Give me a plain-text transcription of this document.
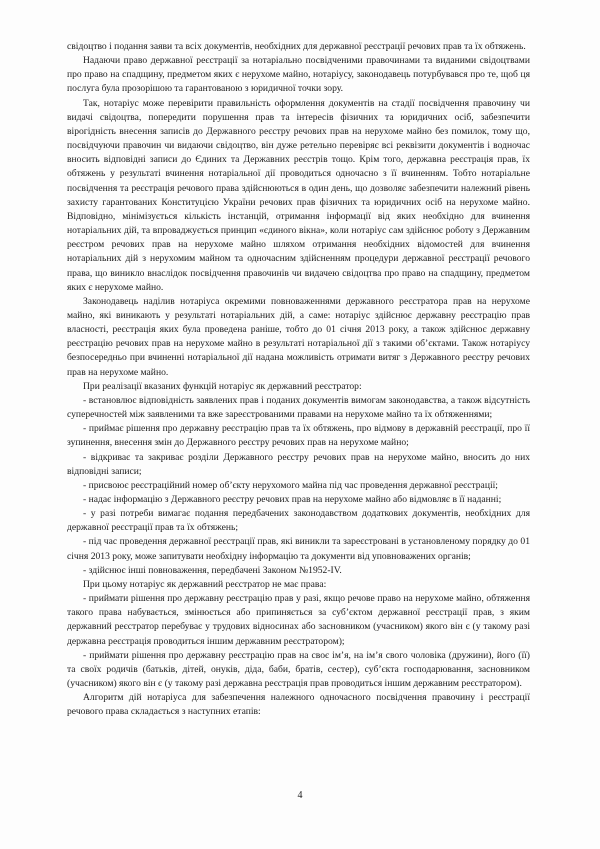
свідоцтво і подання заяви та всіх документів, необхідних для державної реєстрації речових прав та їх обтяжень.

Надаючи право державної реєстрації за нотаріально посвідченими правочинами та виданими свідоцтвами про право на спадщину, предметом яких є нерухоме майно, нотаріусу, законодавець потурбувався про те, щоб ця послуга була прозорішою та гарантованою з юридичної точки зору.

Так, нотаріус може перевірити правильність оформлення документів на стадії посвідчення правочину чи видачі свідоцтва, попередити порушення прав та інтересів фізичних та юридичних осіб, забезпечити вірогідність внесення записів до Державного реєстру речових прав на нерухоме майно без помилок, тому що, посвідчуючи правочин чи видаючи свідоцтво, він дуже ретельно перевіряє всі реквізити документів і водночас вносить відповідні записи до Єдиних та Державних реєстрів тощо. Крім того, державна реєстрація прав, їх обтяжень у результаті вчинення нотаріальної дії проводиться одночасно з її вчиненням. Тобто нотаріальне посвідчення та реєстрація речового права здійснюються в один день, що дозволяє забезпечити належний рівень захисту гарантованих Конституцією України речових прав фізичних та юридичних осіб на нерухоме майно. Відповідно, мінімізується кількість інстанцій, отримання інформації від яких необхідно для вчинення нотаріальних дій, та впроваджується принцип «єдиного вікна», коли нотаріус сам здійснює роботу з Державним реєстром речових прав на нерухоме майно шляхом отримання необхідних відомостей для вчинення нотаріальних дій з нерухомим майном та одночасним здійсненням процедури державної реєстрації речового права, що виникло внаслідок посвідчення правочинів чи видачею свідоцтва про право на спадщину, предметом яких є нерухоме майно.

Законодавець наділив нотаріуса окремими повноваженнями державного реєстратора прав на нерухоме майно, які виникають у результаті нотаріальних дій, а саме: нотаріус здійснює державну реєстрацію прав власності, реєстрація яких була проведена раніше, тобто до 01 січня 2013 року, а також здійснює державну реєстрацію речових прав на нерухоме майно в результаті нотаріальної дії з такими об’єктами. Також нотаріусу безпосередньо при вчиненні нотаріальної дії надана можливість отримати витяг з Державного реєстру речових прав на нерухоме майно.

При реалізації вказаних функцій нотаріус як державний реєстратор:

- встановлює відповідність заявлених прав і поданих документів вимогам законодавства, а також відсутність суперечностей між заявленими та вже зареєстрованими правами на нерухоме майно та їх обтяженнями;

- приймає рішення про державну реєстрацію прав та їх обтяжень, про відмову в державній реєстрації, про її зупинення, внесення змін до Державного реєстру речових прав на нерухоме майно;

- відкриває та закриває розділи Державного реєстру речових прав на нерухоме майно, вносить до них відповідні записи;

- присвоює реєстраційний номер об’єкту нерухомого майна під час проведення державної реєстрації;

- надає інформацію з Державного реєстру речових прав на нерухоме майно або відмовляє в її наданні;

- у разі потреби вимагає подання передбачених законодавством додаткових документів, необхідних для державної реєстрації прав та їх обтяжень;

- під час проведення державної реєстрації прав, які виникли та зареєстровані в установленому порядку до 01 січня 2013 року, може запитувати необхідну інформацію та документи від уповноважених органів;

- здійснює інші повноваження, передбачені Законом №1952-IV.

При цьому нотаріус як державний реєстратор не має права:

- приймати рішення про державну реєстрацію прав у разі, якщо речове право на нерухоме майно, обтяження такого права набувається, змінюється або припиняється за суб’єктом державної реєстрації прав, з яким державний реєстратор перебуває у трудових відносинах або засновником (учасником) якого він є (у такому разі державна реєстрація проводиться іншим державним реєстратором);

- приймати рішення про державну реєстрацію прав на своє ім’я, на ім’я свого чоловіка (дружини), його (її) та своїх родичів (батьків, дітей, онуків, діда, баби, братів, сестер), суб’єкта господарювання, засновником (учасником) якого він є (у такому разі державна реєстрація прав проводиться іншим державним реєстратором).

Алгоритм дій нотаріуса для забезпечення належного одночасного посвідчення правочину і реєстрації речового права складається з наступних етапів:

4
